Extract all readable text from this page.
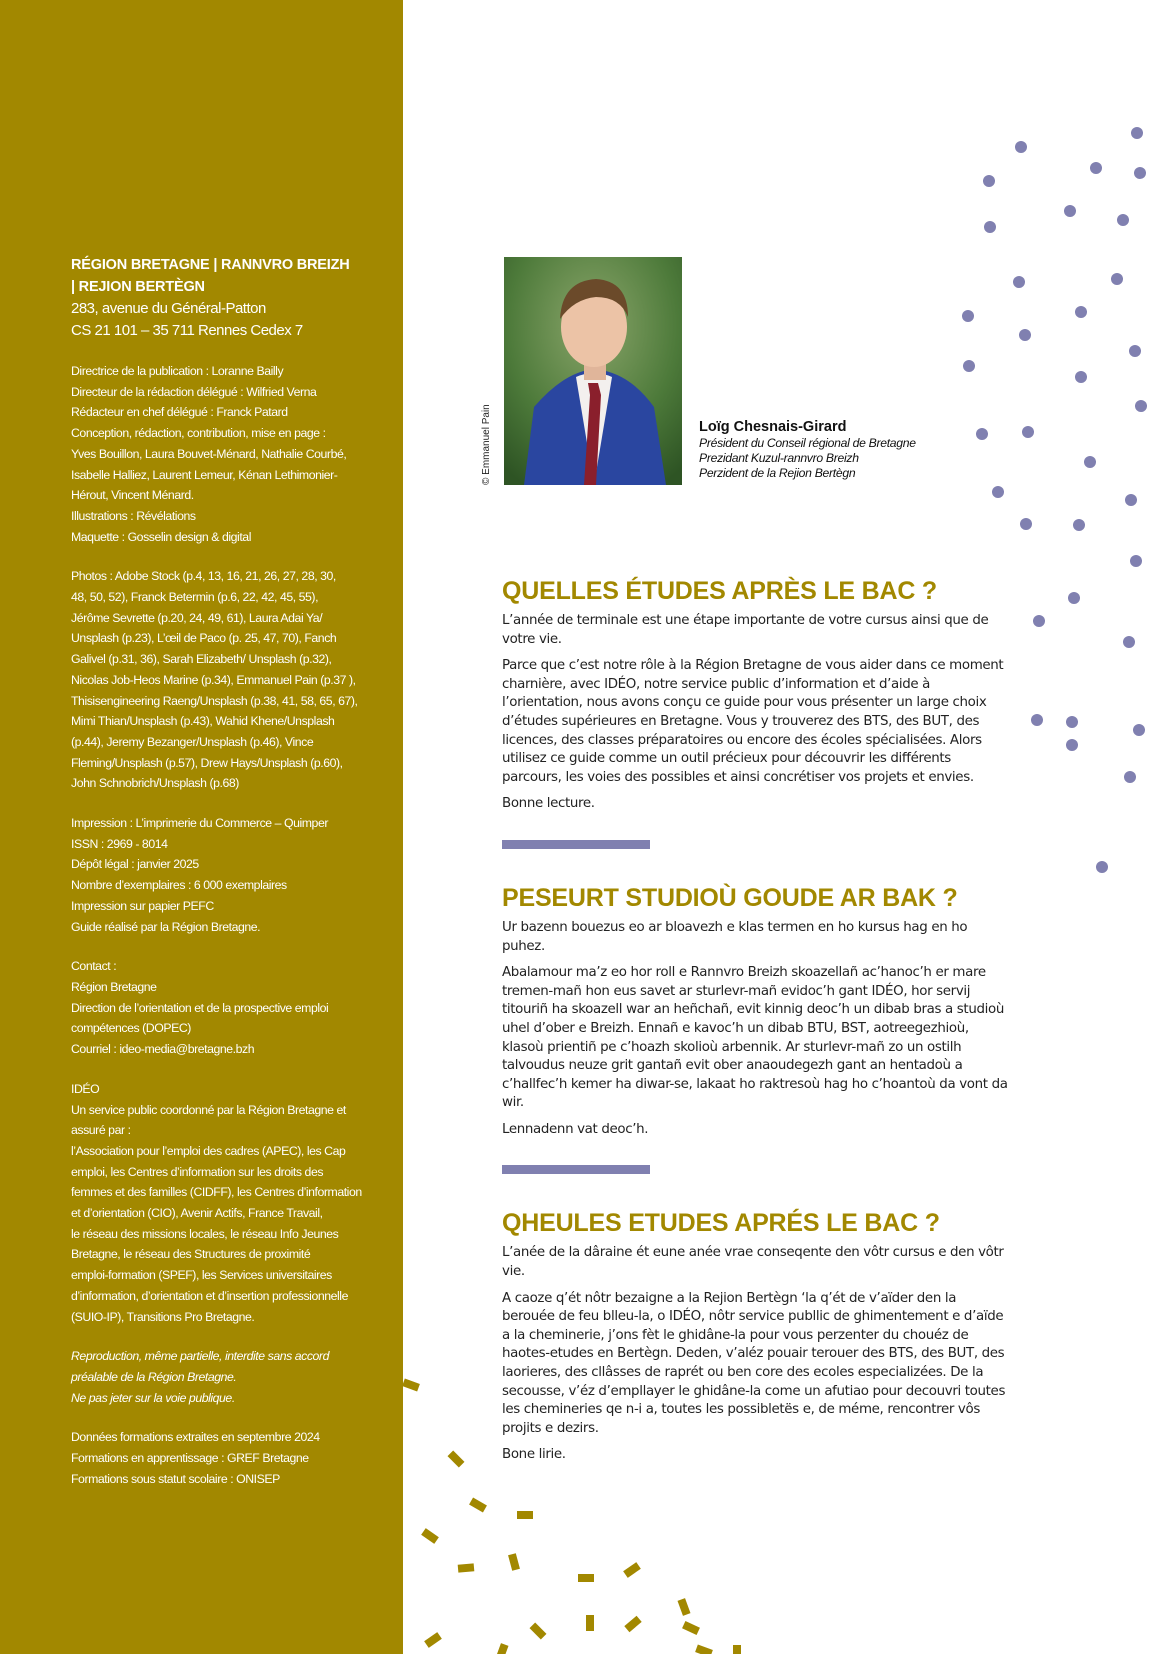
RÉGION BRETAGNE | RANNVRO BREIZH
| REJION BERTÈGN
283, avenue du Général-Patton
CS 21 101 – 35 711 Rennes Cedex 7
Directrice de la publication : Loranne Bailly
Directeur de la rédaction délégué : Wilfried Verna
Rédacteur en chef délégué : Franck Patard
Conception, rédaction, contribution, mise en page :
Yves Bouillon, Laura Bouvet-Ménard, Nathalie Courbé,
Isabelle Halliez, Laurent Lemeur, Kénan Lethimonier-
Hérout, Vincent Ménard.
Illustrations : Révélations
Maquette : Gosselin design & digital
Photos : Adobe Stock (p.4, 13, 16, 21, 26, 27, 28, 30,
48, 50, 52), Franck Betermin (p.6, 22, 42, 45, 55),
Jérôme Sevrette (p.20, 24, 49, 61), Laura Adai Ya/
Unsplash (p.23), L’œil de Paco (p. 25, 47, 70), Fanch
Galivel (p.31, 36), Sarah Elizabeth/ Unsplash (p.32),
Nicolas Job-Heos Marine (p.34), Emmanuel Pain (p.37 ),
Thisisengineering Raeng/Unsplash (p.38, 41, 58, 65, 67),
Mimi Thian/Unsplash (p.43), Wahid Khene/Unsplash
(p.44), Jeremy Bezanger/Unsplash (p.46), Vince
Fleming/Unsplash (p.57), Drew Hays/Unsplash (p.60),
John Schnobrich/Unsplash (p.68)
Impression : L’imprimerie du Commerce – Quimper
ISSN : 2969 - 8014
Dépôt légal : janvier 2025
Nombre d’exemplaires : 6 000 exemplaires
Impression sur papier PEFC
Guide réalisé par la Région Bretagne.
Contact :
Région Bretagne
Direction de l’orientation et de la prospective emploi
compétences (DOPEC)
Courriel : ideo-media@bretagne.bzh
IDÉO
Un service public coordonné par la Région Bretagne et
assuré par :
l’Association pour l’emploi des cadres (APEC), les Cap
emploi, les Centres d’information sur les droits des
femmes et des familles (CIDFF), les Centres d’information
et d’orientation (CIO), Avenir Actifs, France Travail,
le réseau des missions locales, le réseau Info Jeunes
Bretagne, le réseau des Structures de proximité
emploi-formation (SPEF), les Services universitaires
d’information, d’orientation et d’insertion professionnelle
(SUIO-IP), Transitions Pro Bretagne.
Reproduction, même partielle, interdite sans accord
préalable de la Région Bretagne.
Ne pas jeter sur la voie publique.
Données formations extraites en septembre 2024
Formations en apprentissage : GREF Bretagne
Formations sous statut scolaire : ONISEP
© Emmanuel Pain	Loïg Chesnais-Girard
Président du Conseil régional de Bretagne
Prezidant Kuzul-rannvro Breizh
Perzident de la Rejion Bertègn
QUELLES ÉTUDES APRÈS LE BAC ?

L’année de terminale est une étape importante de votre cursus ainsi que de votre vie.

Parce que c’est notre rôle à la Région Bretagne de vous aider dans ce moment charnière, avec IDÉO, notre service public d’information et d’aide à l’orientation, nous avons conçu ce guide pour vous présenter un large choix d’études supérieures en Bretagne. Vous y trouverez des BTS, des BUT, des licences, des classes préparatoires ou encore des écoles spécialisées. Alors utilisez ce guide comme un outil précieux pour découvrir les différents parcours, les voies des possibles et ainsi concrétiser vos projets et envies.

Bonne lecture.

PESEURT STUDIOÙ GOUDE AR BAK ?

Ur bazenn bouezus eo ar bloavezh e klas termen en ho kursus hag en ho puhez.

Abalamour ma’z eo hor roll e Rannvro Breizh skoazellañ ac’hanoc’h er mare tremen-mañ hon eus savet ar sturlevr-mañ evidoc’h gant IDÉO, hor servij titouriñ ha skoazell war an heñchañ, evit kinnig deoc’h un dibab bras a studioù uhel d’ober e Breizh. Ennañ e kavoc’h un dibab BTU, BST, aotreegezhioù, klasoù prientiñ pe c’hoazh skolioù arbennik. Ar sturlevr-mañ zo un ostilh talvoudus neuze grit gantañ evit ober anaoudegezh gant an hentadoù a c’hallfec’h kemer ha diwar-se, lakaat ho raktresoù hag ho c’hoantoù da vont da wir.

Lennadenn vat deoc’h.

QHEULES ETUDES APRÉS LE BAC ?

L’anée de la dâraine ét eune anée vrae conseqente den vôtr cursus e den vôtr vie.

A caoze q’ét nôtr bezaigne a la Rejion Bertègn ‘la q’ét de v’aïder den la berouée de feu blleu-la, o IDÉO, nôtr service publlic de ghimentement e d’aïde a la cheminerie, j’ons fèt le ghidâne-la pour vous perzenter du chouéz de haotes-etudes en Bertègn. Deden, v’aléz pouair terouer des BTS, des BUT, des laorieres, des cllâsses de raprét ou ben core des ecoles especializées. De la secousse, v’éz d’empllayer le ghidâne-la come un afutiao pour decouvri toutes les chemineries qe n-i a, toutes les possibletës e, de méme, rencontrer vôs projits e dezirs.

Bone lirie.
